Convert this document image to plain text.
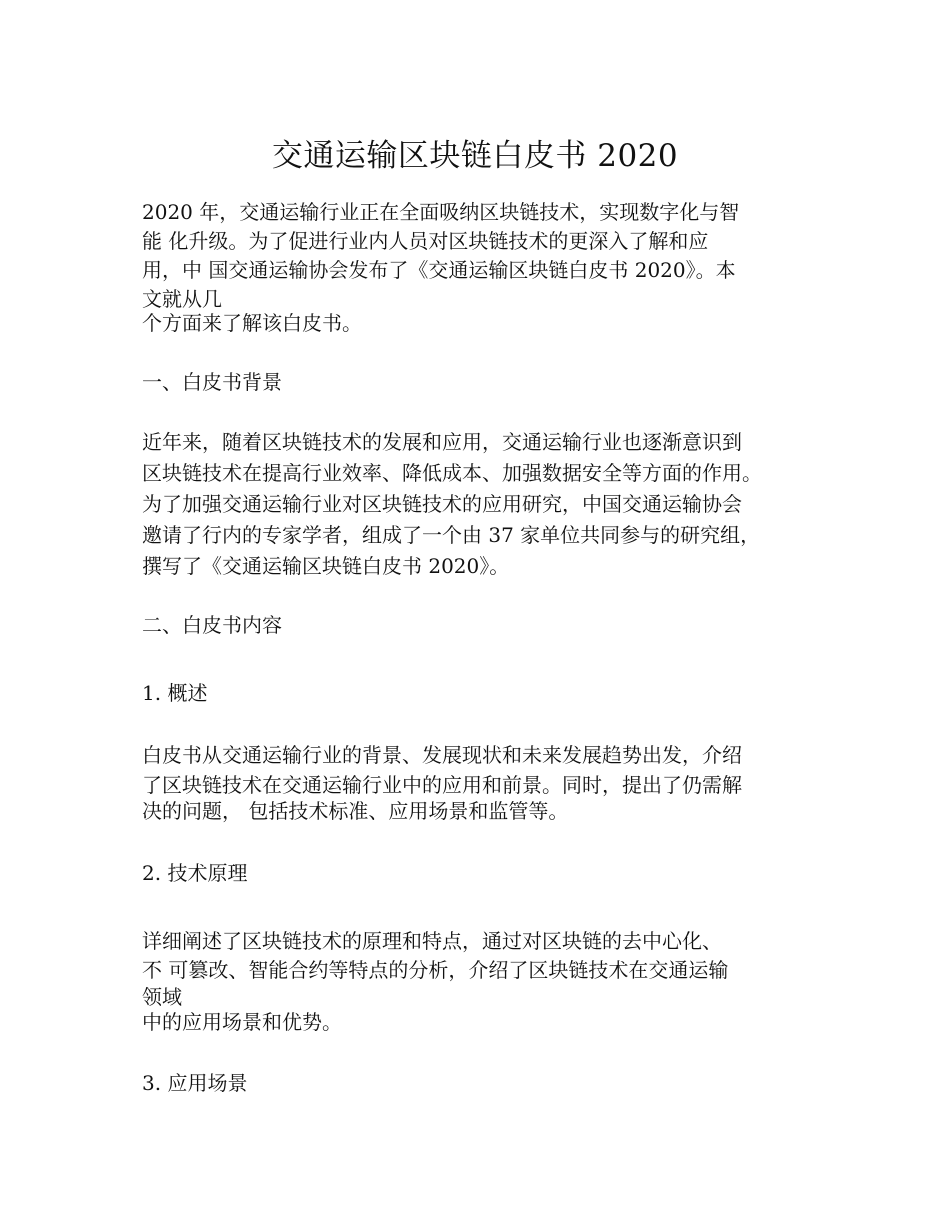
交通运输区块链白皮书 2020
2020 年，交通运输行业正在全面吸纳区块链技术，实现数字化与智
能 化升级。为了促进行业内人员对区块链技术的更深入了解和应
用，中 国交通运输协会发布了《交通运输区块链白皮书 2020》。本
文就从几
个方面来了解该白皮书。
一、白皮书背景
近年来，随着区块链技术的发展和应用，交通运输行业也逐渐意识到
区块链技术在提高行业效率、降低成本、加强数据安全等方面的作用。
为了加强交通运输行业对区块链技术的应用研究，中国交通运输协会
邀请了行内的专家学者，组成了一个由 37 家单位共同参与的研究组，
撰写了《交通运输区块链白皮书 2020》。
二、白皮书内容
1. 概述
白皮书从交通运输行业的背景、发展现状和未来发展趋势出发，介绍
了区块链技术在交通运输行业中的应用和前景。同时，提出了仍需解
决的问题， 包括技术标准、应用场景和监管等。
2. 技术原理
详细阐述了区块链技术的原理和特点，通过对区块链的去中心化、
不 可篡改、智能合约等特点的分析，介绍了区块链技术在交通运输
领域
中的应用场景和优势。
3. 应用场景
